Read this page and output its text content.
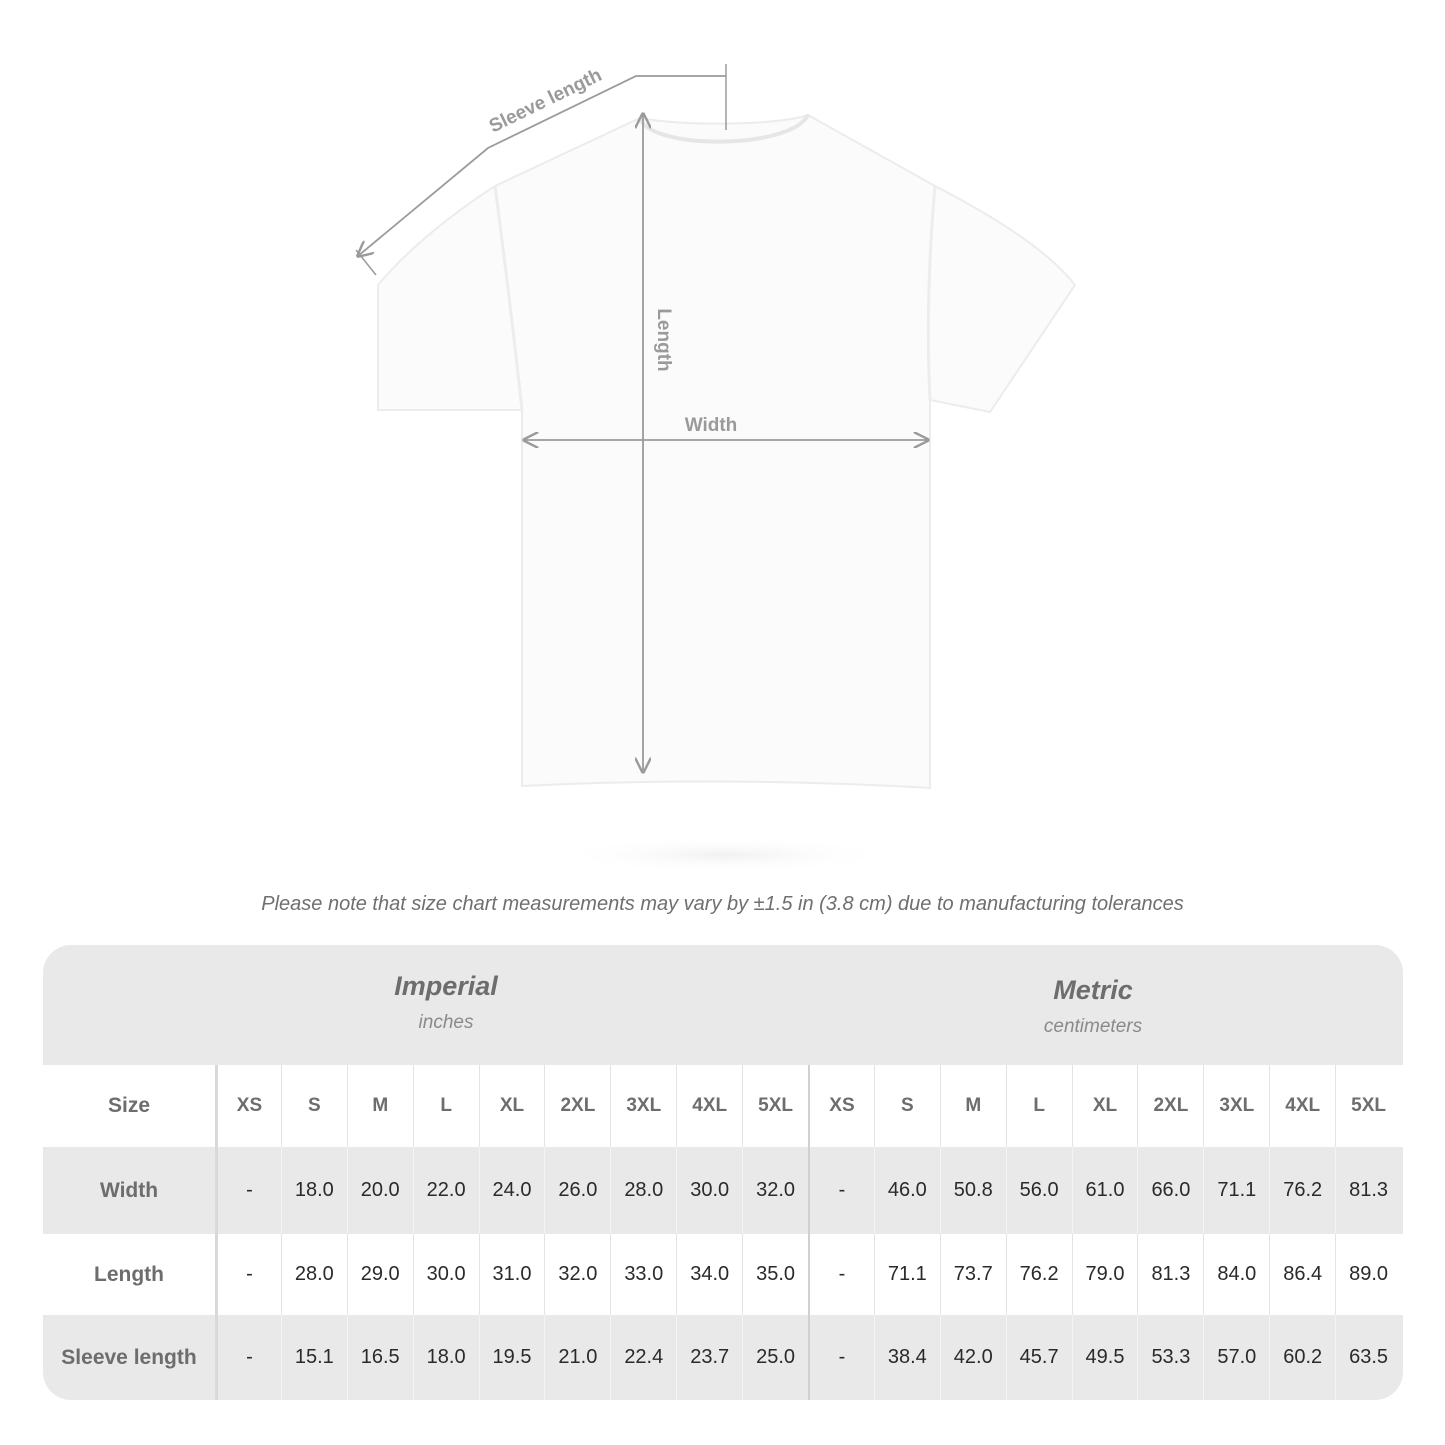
Sleeve length
Length
Width
Please note that size chart measurements may vary by ±1.5 in (3.8 cm) due to manufacturing tolerances
Imperial
inches
Metric
centimeters
Size	XS	S	M	L	XL	2XL	3XL	4XL	5XL	XS	S	M	L	XL	2XL	3XL	4XL	5XL
Width	-	18.0	20.0	22.0	24.0	26.0	28.0	30.0	32.0	-	46.0	50.8	56.0	61.0	66.0	71.1	76.2	81.3
Length	-	28.0	29.0	30.0	31.0	32.0	33.0	34.0	35.0	-	71.1	73.7	76.2	79.0	81.3	84.0	86.4	89.0
Sleeve length	-	15.1	16.5	18.0	19.5	21.0	22.4	23.7	25.0	-	38.4	42.0	45.7	49.5	53.3	57.0	60.2	63.5
